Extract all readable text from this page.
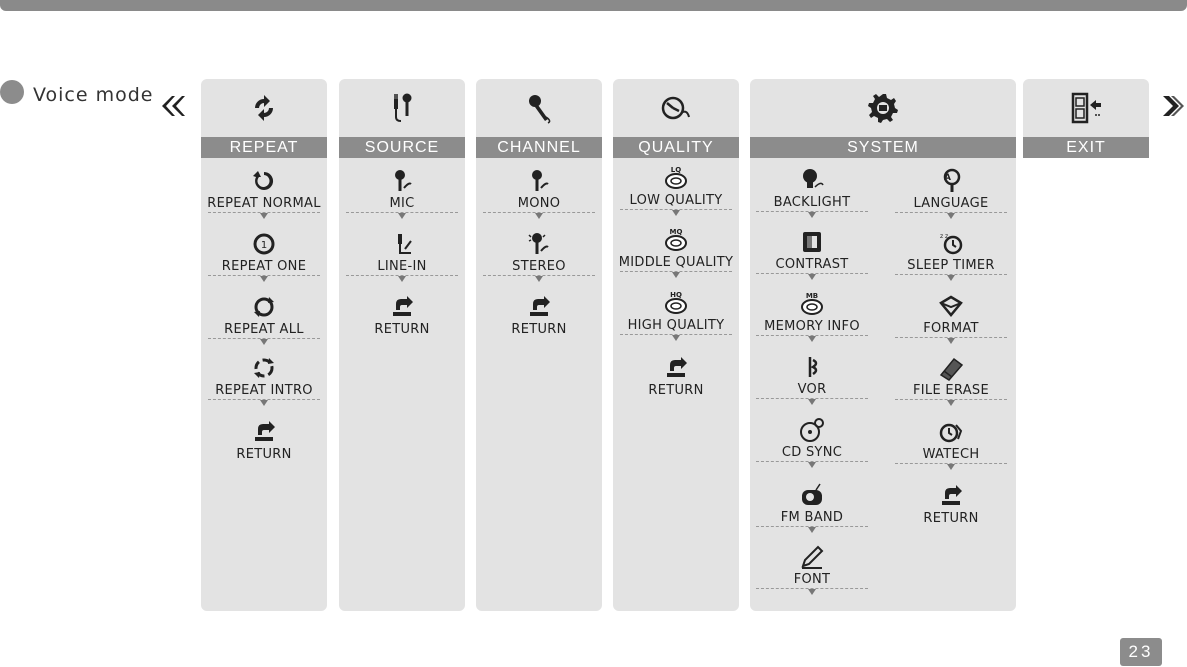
Voice mode
REPEAT
REPEAT NORMAL
1
REPEAT ONE
REPEAT ALL
REPEAT INTRO
RETURN
SOURCE
MIC
LINE-IN
RETURN
CHANNEL
MONO
STEREO
RETURN
QUALITY
LQ
LOW QUALITY
MQ
MIDDLE QUALITY
HQ
HIGH QUALITY
RETURN
SYSTEM
BACKLIGHT
CONTRAST
MB
MEMORY INFO
VOR
CD SYNC
FM BAND
FONT
A
LANGUAGE
z z
SLEEP TIMER
FORMAT
FILE ERASE
WATECH
RETURN
EXIT
23
